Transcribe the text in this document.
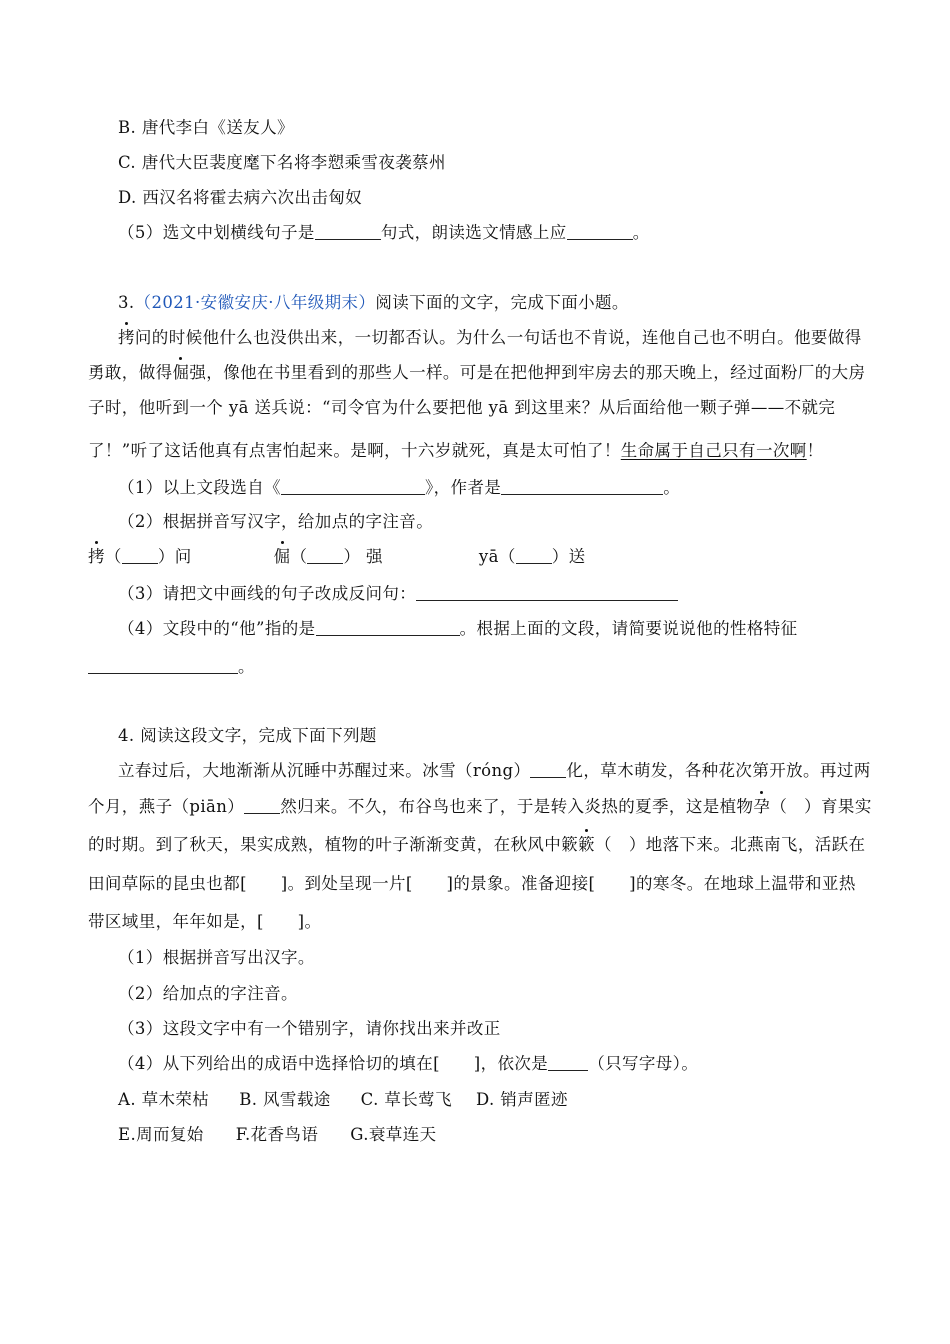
B. 唐代李白《送友人》
C. 唐代大臣裴度麾下名将李愬乘雪夜袭蔡州
D. 西汉名将霍去病六次出击匈奴
（5）选文中划横线句子是	句式，朗读选文情感上应	。
3.（2021·安徽安庆·八年级期末）阅读下面的文字，完成下面小题。
拷问的时候他什么也没供出来，一切都否认。为什么一句话也不肯说，连他自己也不明白。他要做得
勇敢，做得倔强，像他在书里看到的那些人一样。可是在把他押到牢房去的那天晚上，经过面粉厂的大房
子时，他听到一个 yā 送兵说：“司令官为什么要把他 yā 到这里来？从后面给他一颗子弹——不就完
了！”听了这话他真有点害怕起来。是啊，十六岁就死，真是太可怕了！生命属于自己只有一次啊！
（1）以上文段选自《	》，作者是	。
（2）根据拼音写汉字，给加点的字注音。
拷（ ）问	倔（ ） 强	yā（ ）送
（3）请把文中画线的句子改成反问句：
（4）文段中的“他”指的是	。根据上面的文段，请简要说说他的性格特征
。
4. 阅读这段文字，完成下面下列题
立春过后，大地渐渐从沉睡中苏醒过来。冰雪（róng） 化，草木萌发，各种花次第开放。再过两
个月，燕子（piān） 然归来。不久，布谷鸟也来了，于是转入炎热的夏季，这是植物孕（　）育果实
的时期。到了秋天，果实成熟，植物的叶子渐渐变黄，在秋风中簌簌（　）地落下来。北燕南飞，活跃在
田间草际的昆虫也都[　　]。到处呈现一片[　　]的景象。准备迎接[　　]的寒冬。在地球上温带和亚热
带区域里，年年如是，[　　]。
（1）根据拼音写出汉字。
（2）给加点的字注音。
（3）这段文字中有一个错别字，请你找出来并改正
（4）从下列给出的成语中选择恰切的填在[　　]，依次是 （只写字母）。
A. 草木荣枯 B. 风雪载途 C. 草长莺飞 D. 销声匿迹
E.周而复始 F.花香鸟语 G.衰草连天
